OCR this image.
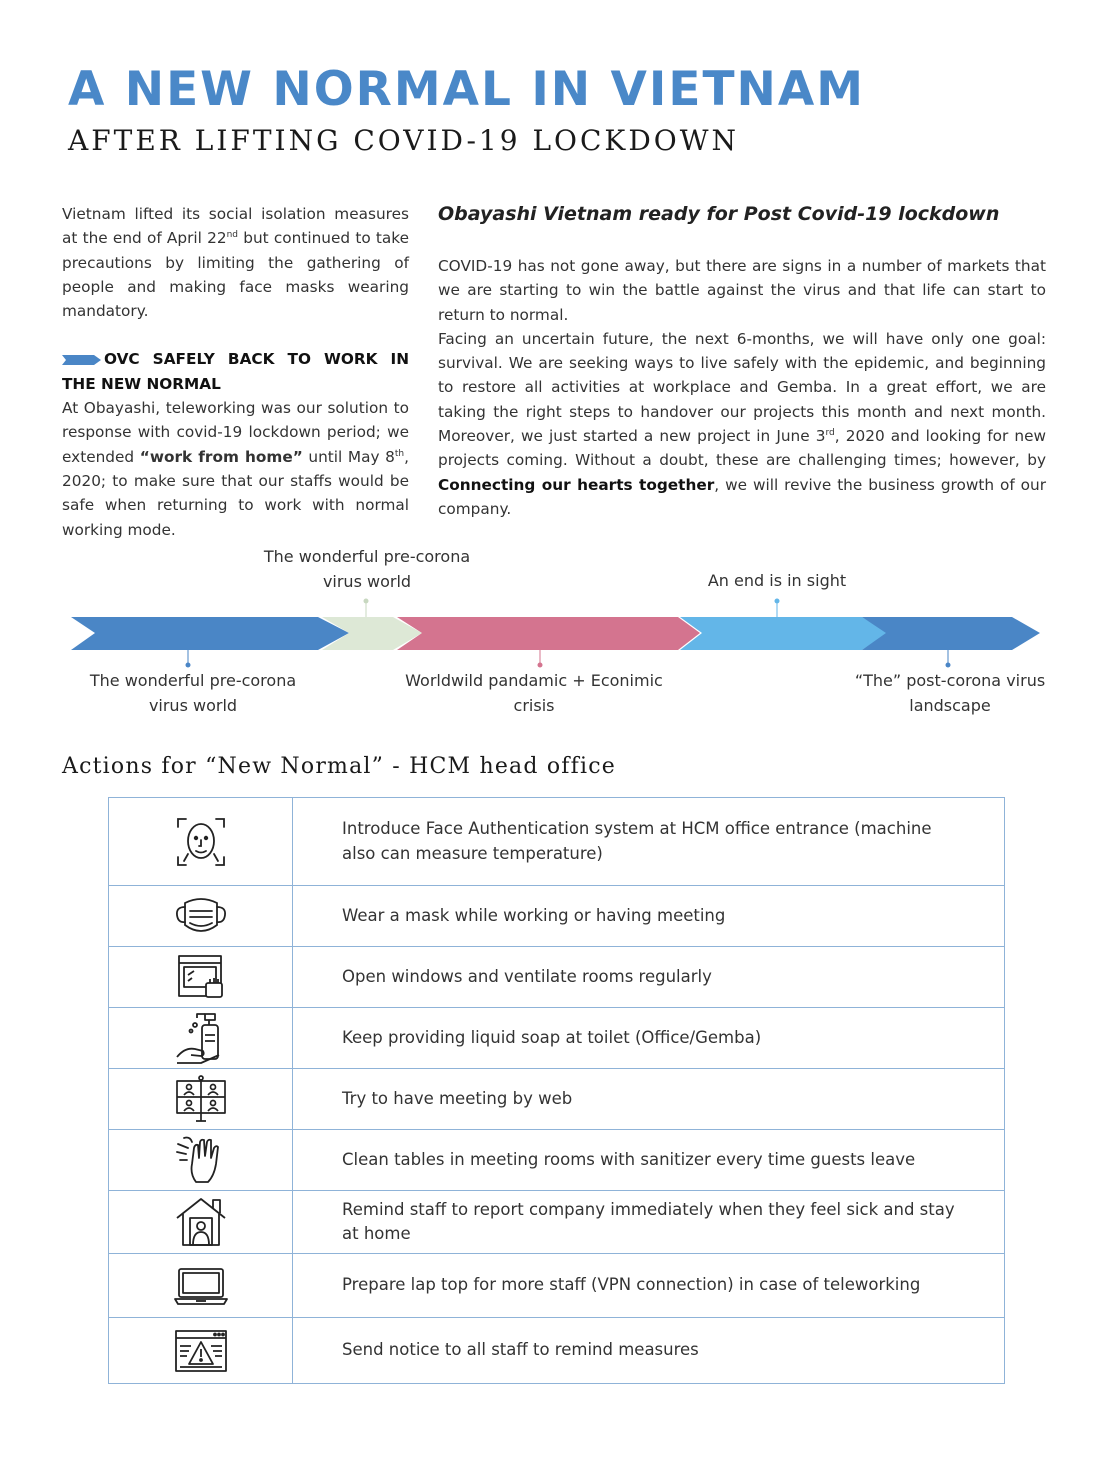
A NEW NORMAL IN VIETNAM
AFTER LIFTING COVID-19 LOCKDOWN

Vietnam lifted its social isolation measures at the end of April 22nd but continued to take precautions by limiting the gathering of people and making face masks wearing mandatory.

OVC SAFELY BACK TO WORK IN THE NEW NORMAL

At Obayashi, teleworking was our solution to response with covid-19 lockdown period; we extended “work from home” until May 8th, 2020; to make sure that our staffs would be safe when returning to work with normal working mode.

Obayashi Vietnam ready for Post Covid-19 lockdown

COVID-19 has not gone away, but there are signs in a number of markets that we are starting to win the battle against the virus and that life can start to return to normal.

Facing an uncertain future, the next 6-months, we will have only one goal: survival. We are seeking ways to live safely with the epidemic, and beginning to restore all activities at workplace and Gemba. In a great effort, we are taking the right steps to handover our projects this month and next month. Moreover, we just started a new project in June 3rd, 2020 and looking for new projects coming. Without a doubt, these are challenging times; however, by Connecting our hearts together, we will revive the business growth of our company.

The wonderful pre-corona virus world
The wonderful pre-corona virus world
Worldwild pandamic + Econimic crisis
An end is in sight
“The” post-corona virus landscape
Actions for “New Normal” - HCM head office
	Introduce Face Authentication system at HCM office entrance (machine also can measure temperature)
	Wear a mask while working or having meeting
	Open windows and ventilate rooms regularly
	Keep providing liquid soap at toilet (Office/Gemba)
	Try to have meeting by web
	Clean tables in meeting rooms with sanitizer every time guests leave
	Remind staff to report company immediately when they feel sick and stay at home
	Prepare lap top for more staff (VPN connection) in case of teleworking
	Send notice to all staff to remind measures
